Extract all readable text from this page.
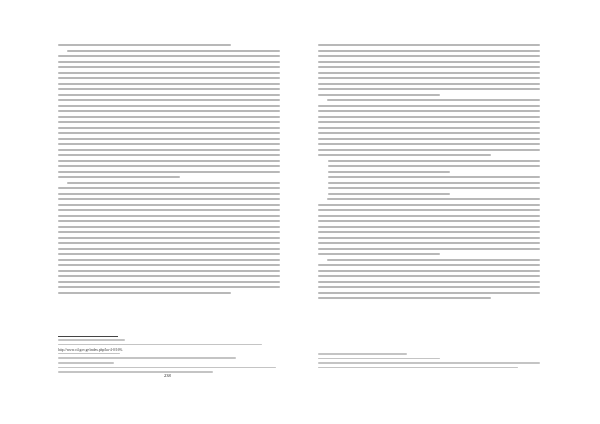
http://www.ctl.gov.ge/index.php/ku-4-0/16%

238
